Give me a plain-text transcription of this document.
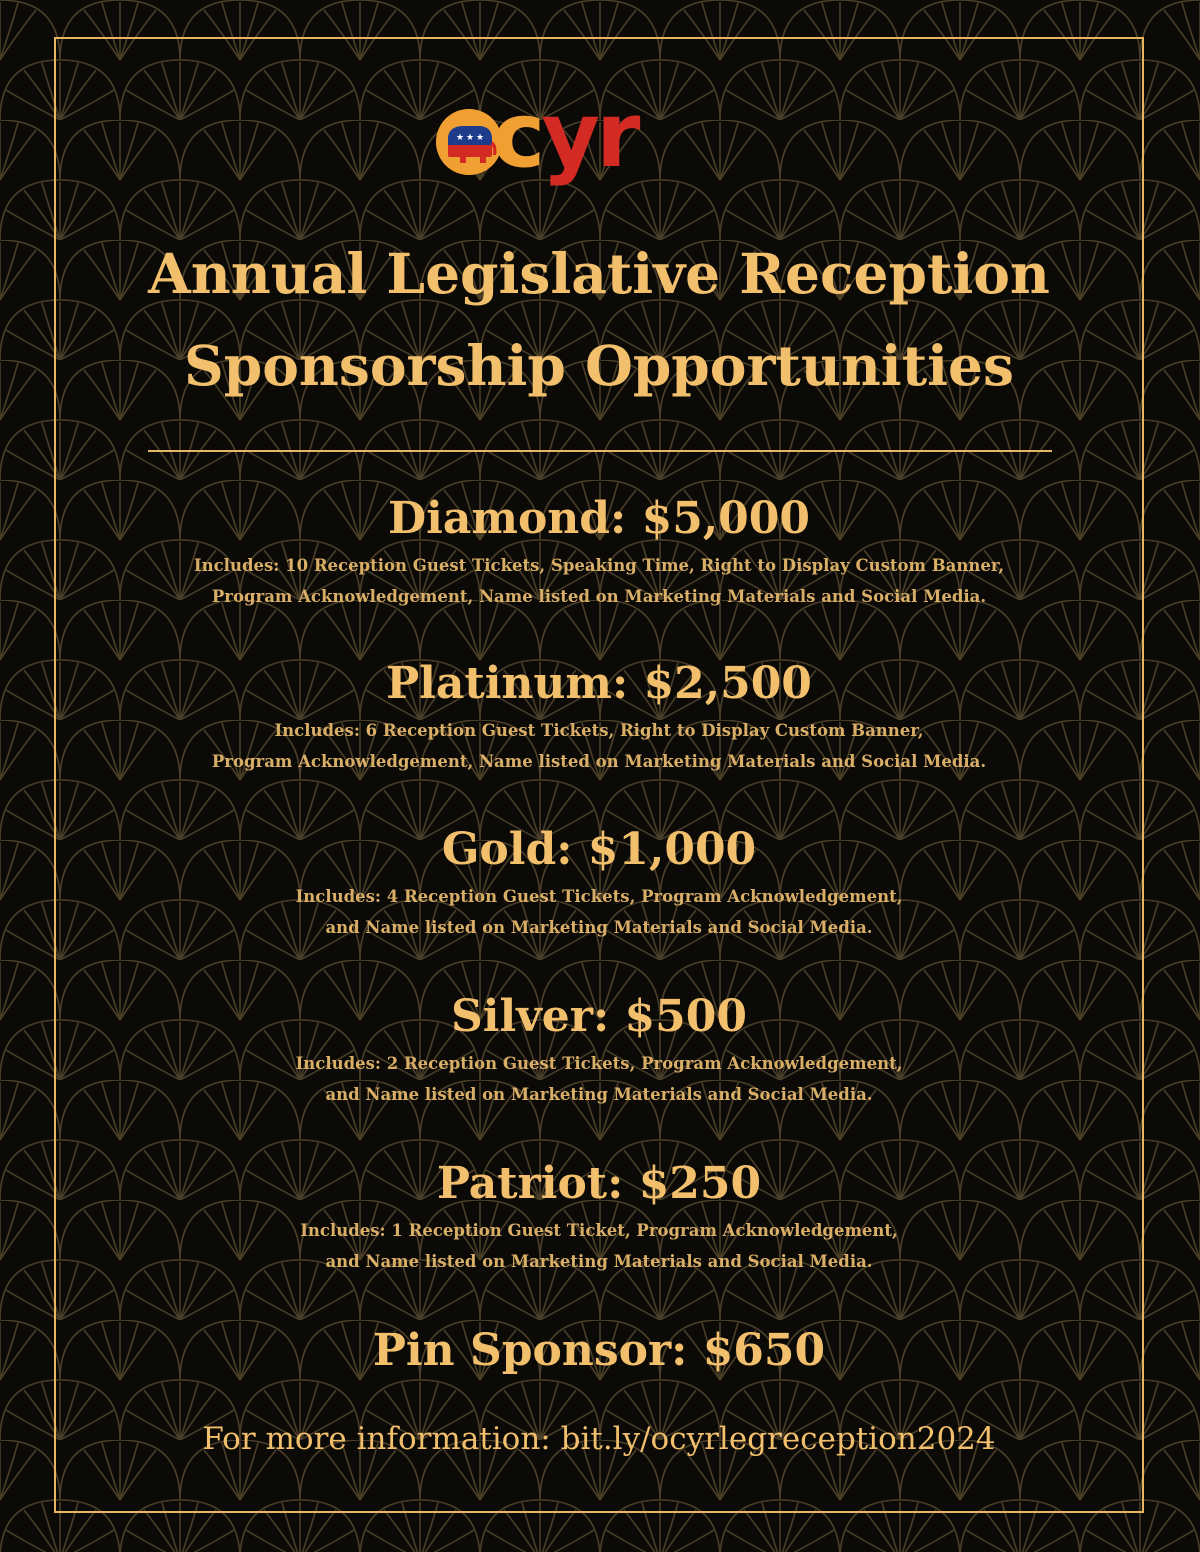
★ ★ ★ cyr
Annual Legislative Reception
Sponsorship Opportunities
Diamond: $5,000

Includes: 10 Reception Guest Tickets, Speaking Time, Right to Display Custom Banner,
Program Acknowledgement, Name listed on Marketing Materials and Social Media.

Platinum: $2,500

Includes: 6 Reception Guest Tickets, Right to Display Custom Banner,
Program Acknowledgement, Name listed on Marketing Materials and Social Media.

Gold: $1,000

Includes: 4 Reception Guest Tickets, Program Acknowledgement,
and Name listed on Marketing Materials and Social Media.

Silver: $500

Includes: 2 Reception Guest Tickets, Program Acknowledgement,
and Name listed on Marketing Materials and Social Media.

Patriot: $250

Includes: 1 Reception Guest Ticket, Program Acknowledgement,
and Name listed on Marketing Materials and Social Media.

Pin Sponsor: $650

For more information: bit.ly/ocyrlegreception2024
